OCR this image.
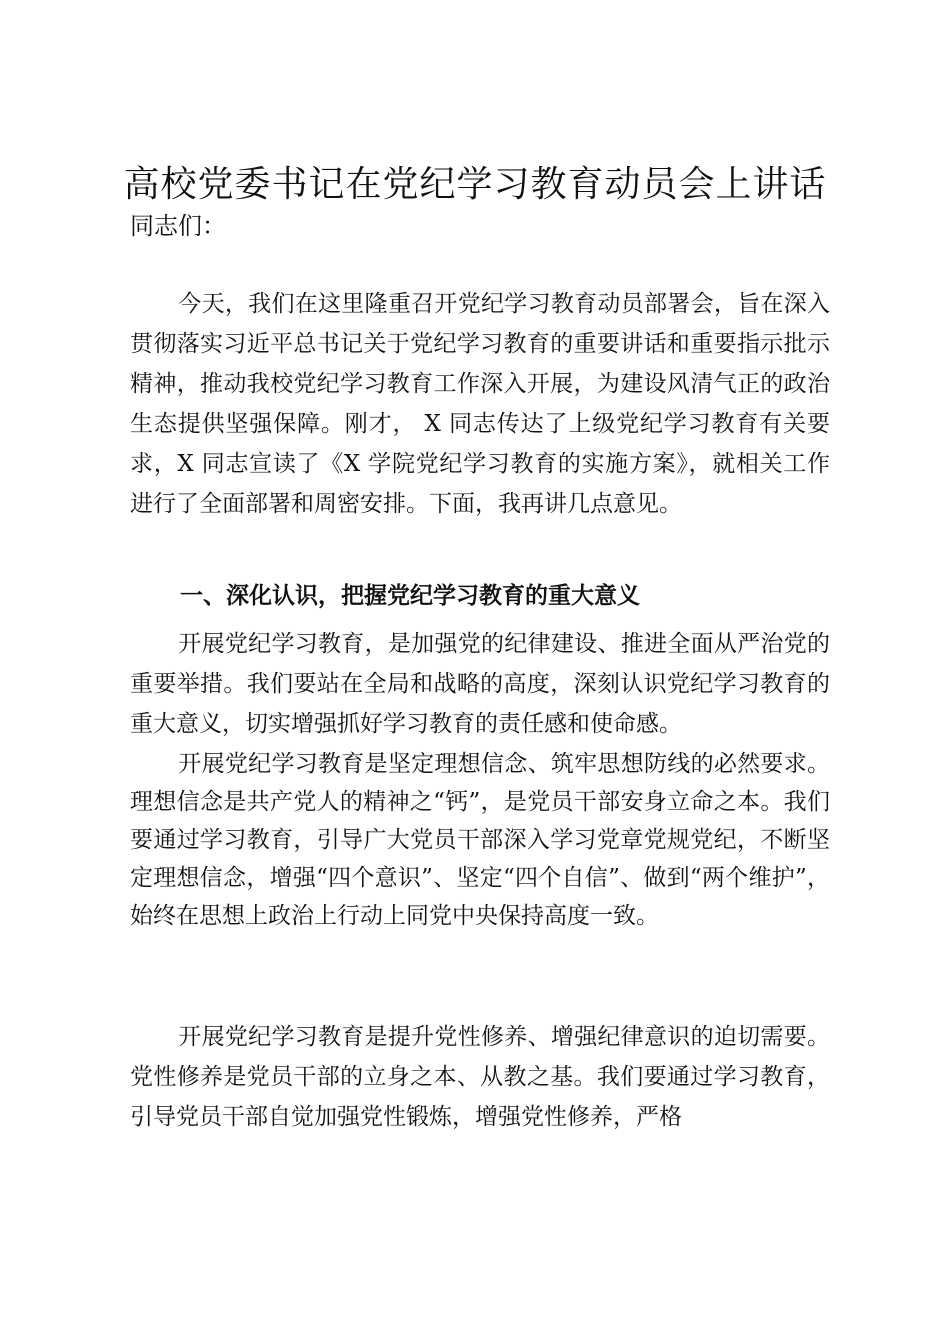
高校党委书记在党纪学习教育动员会上讲话
同志们：

今天，我们在这里隆重召开党纪学习教育动员部署会，旨在深入贯彻落实习近平总书记关于党纪学习教育的重要讲话和重要指示批示精神，推动我校党纪学习教育工作深入开展，为建设风清气正的政治生态提供坚强保障。刚才， X 同志传达了上级党纪学习教育有关要求，X 同志宣读了《X 学院党纪学习教育的实施方案》，就相关工作进行了全面部署和周密安排。下面，我再讲几点意见。

一、深化认识，把握党纪学习教育的重大意义

开展党纪学习教育，是加强党的纪律建设、推进全面从严治党的重要举措。我们要站在全局和战略的高度，深刻认识党纪学习教育的重大意义，切实增强抓好学习教育的责任感和使命感。

开展党纪学习教育是坚定理想信念、筑牢思想防线的必然要求。理想信念是共产党人的精神之“钙”，是党员干部安身立命之本。我们要通过学习教育，引导广大党员干部深入学习党章党规党纪，不断坚定理想信念，增强“四个意识”、坚定“四个自信”、做到“两个维护”，始终在思想上政治上行动上同党中央保持高度一致。

开展党纪学习教育是提升党性修养、增强纪律意识的迫切需要。党性修养是党员干部的立身之本、从教之基。我们要通过学习教育，引导党员干部自觉加强党性锻炼，增强党性修养，严格
